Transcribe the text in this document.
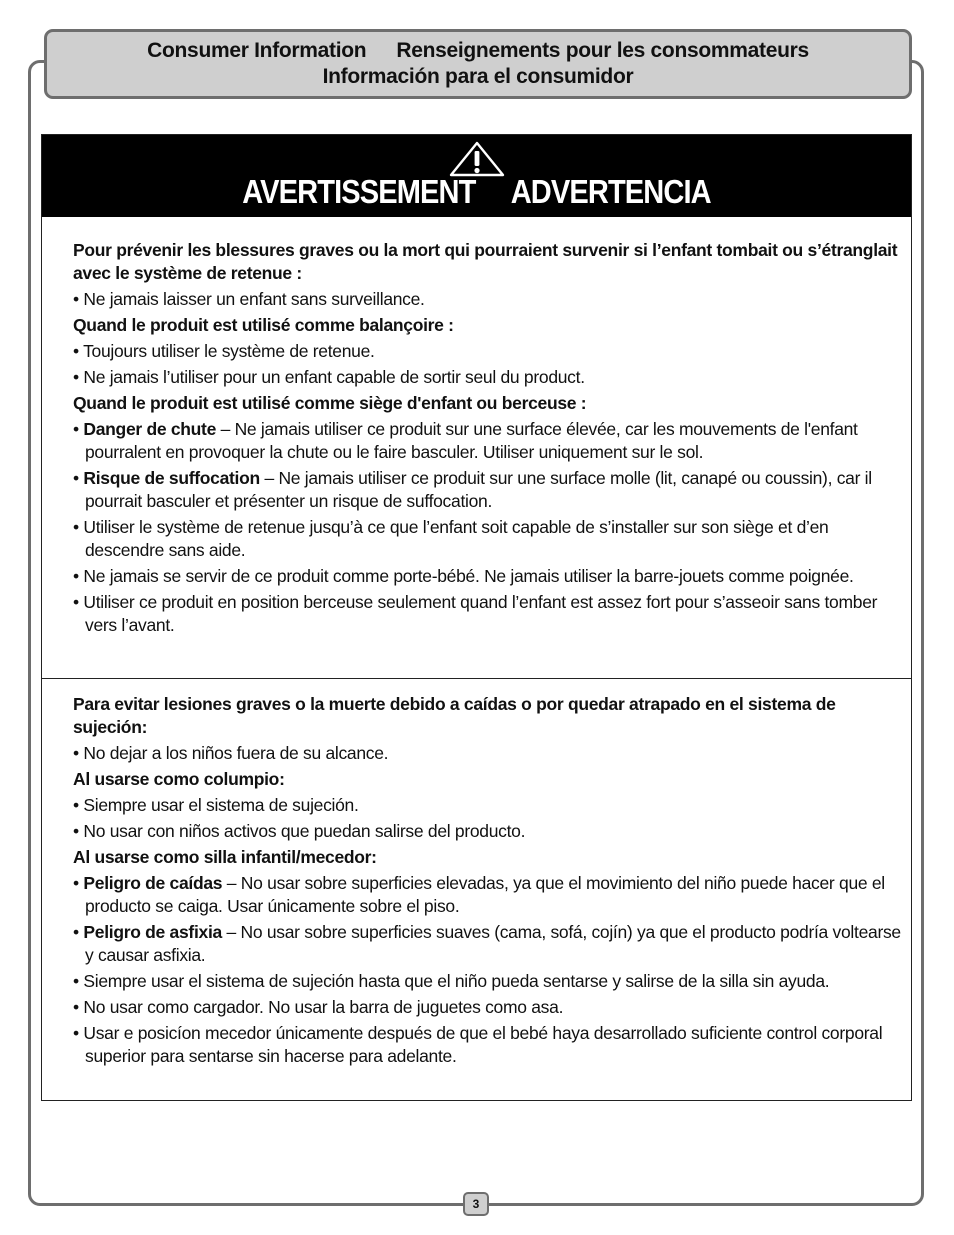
Consumer Information Renseignements pour les consommateurs
Información para el consumidor
AVERTISSEMENT ADVERTENCIA

Pour prévenir les blessures graves ou la mort qui pourraient survenir si l’enfant tombait ou s’étranglait avec le système de retenue :

• Ne jamais laisser un enfant sans surveillance.

Quand le produit est utilisé comme balançoire :

• Toujours utiliser le système de retenue.

• Ne jamais l’utiliser pour un enfant capable de sortir seul du product.

Quand le produit est utilisé comme siège d'enfant ou berceuse :

• Danger de chute – Ne jamais utiliser ce produit sur une surface élevée, car les mouvements de l'enfant pourralent en provoquer la chute ou le faire basculer. Utiliser uniquement sur le sol.

• Risque de suffocation – Ne jamais utiliser ce produit sur une surface molle (lit, canapé ou coussin), car il pourrait basculer et présenter un risque de suffocation.

• Utiliser le système de retenue jusqu’à ce que l’enfant soit capable de s’installer sur son siège et d’en descendre sans aide.

• Ne jamais se servir de ce produit comme porte-bébé. Ne jamais utiliser la barre-jouets comme poignée.

• Utiliser ce produit en position berceuse seulement quand l’enfant est assez fort pour s’asseoir sans tomber vers l’avant.

Para evitar lesiones graves o la muerte debido a caídas o por quedar atrapado en el sistema de sujeción:

• No dejar a los niños fuera de su alcance.

Al usarse como columpio:

• Siempre usar el sistema de sujeción.

• No usar con niños activos que puedan salirse del producto.

Al usarse como silla infantil/mecedor:

• Peligro de caídas – No usar sobre superficies elevadas, ya que el movimiento del niño puede hacer que el producto se caiga. Usar únicamente sobre el piso.

• Peligro de asfixia – No usar sobre superficies suaves (cama, sofá, cojín) ya que el producto podría voltearse y causar asfixia.

• Siempre usar el sistema de sujeción hasta que el niño pueda sentarse y salirse de la silla sin ayuda.

• No usar como cargador. No usar la barra de juguetes como asa.

• Usar e posicíon mecedor únicamente después de que el bebé haya desarrollado suficiente control corporal superior para sentarse sin hacerse para adelante.

3
